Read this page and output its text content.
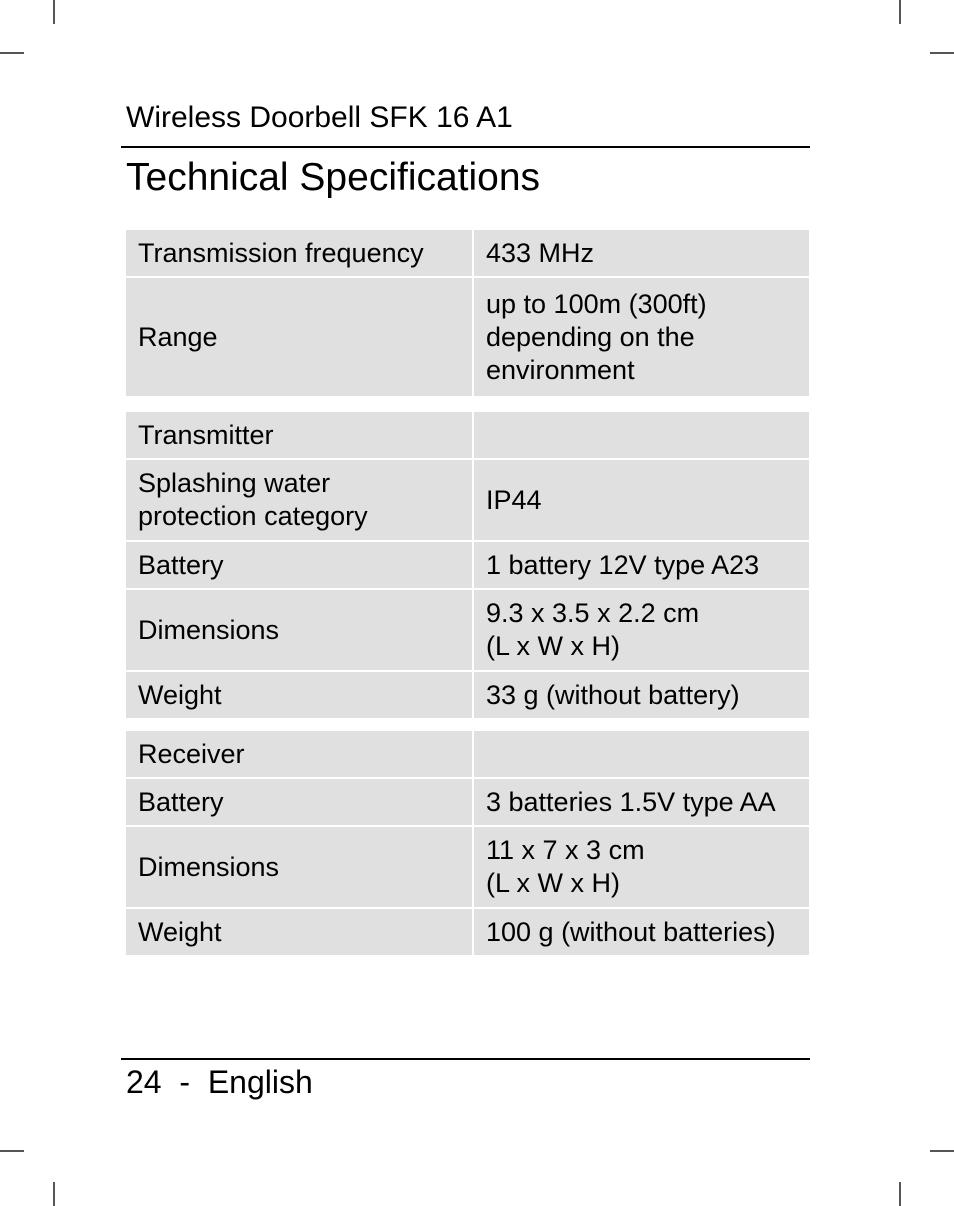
Wireless Doorbell SFK 16 A1
Technical Specifications
Transmission frequency	433 MHz

Range	up to 100m (300ft)
depending on the
environment
Transmitter	

Splashing water
protection category	IP44

Battery	1 battery 12V type A23

Dimensions	9.3 x 3.5 x 2.2 cm
(L x W x H)

Weight	33 g (without battery)
Receiver	

Battery	3 batteries 1.5V type AA

Dimensions	11 x 7 x 3 cm
(L x W x H)

Weight	100 g (without batteries)
24  -  English
